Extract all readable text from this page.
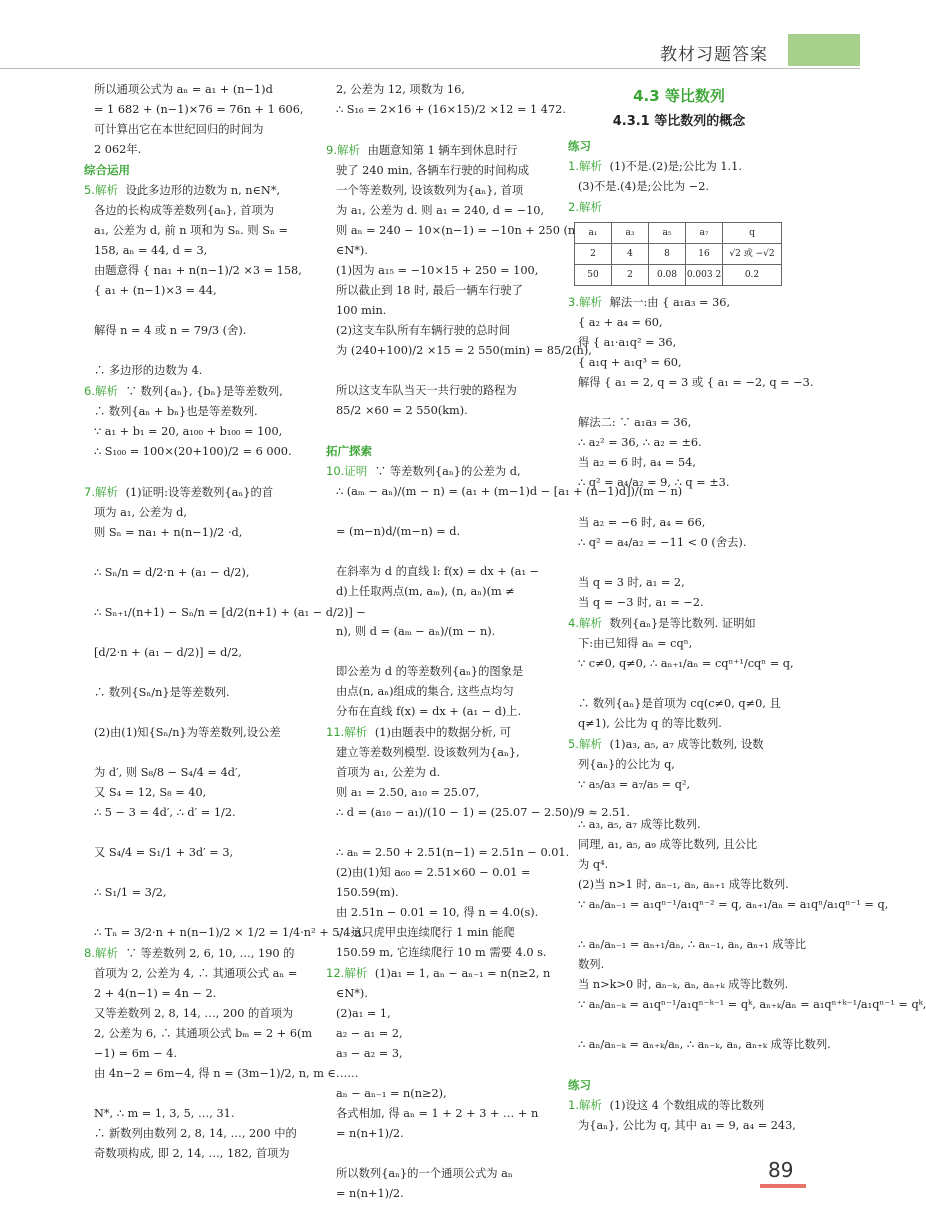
教材习题答案
所以通项公式为 aₙ = a₁ + (n−1)d
= 1 682 + (n−1)×76 = 76n + 1 606,
可计算出它在本世纪回归的时间为
2 062年.
综合运用
5.解析 设此多边形的边数为 n, n∈N*,
各边的长构成等差数列{aₙ}, 首项为
a₁, 公差为 d, 前 n 项和为 Sₙ. 则 Sₙ =
158, aₙ = 44, d = 3,
由题意得 { na₁ + n(n−1)/2 ×3 = 158,
{ a₁ + (n−1)×3 = 44,

解得 n = 4 或 n = 79/3 (舍).

∴ 多边形的边数为 4.
6.解析 ∵ 数列{aₙ}, {bₙ}是等差数列,
∴ 数列{aₙ + bₙ}也是等差数列.
∵ a₁ + b₁ = 20, a₁₀₀ + b₁₀₀ = 100,
∴ S₁₀₀ = 100×(20+100)/2 = 6 000.

7.解析 (1)证明:设等差数列{aₙ}的首
项为 a₁, 公差为 d,
则 Sₙ = na₁ + n(n−1)/2 ·d,

∴ Sₙ/n = d/2·n + (a₁ − d/2),

∴ Sₙ₊₁/(n+1) − Sₙ/n = [d/2(n+1) + (a₁ − d/2)] −

[d/2·n + (a₁ − d/2)] = d/2,

∴ 数列{Sₙ/n}是等差数列.

(2)由(1)知{Sₙ/n}为等差数列,设公差

为 d′, 则 S₈/8 − S₄/4 = 4d′,
又 S₄ = 12, S₈ = 40,
∴ 5 − 3 = 4d′, ∴ d′ = 1/2.

又 S₄/4 = S₁/1 + 3d′ = 3,

∴ S₁/1 = 3/2,

∴ Tₙ = 3/2·n + n(n−1)/2 × 1/2 = 1/4·n² + 5/4·n.
8.解析 ∵ 等差数列 2, 6, 10, …, 190 的
首项为 2, 公差为 4, ∴ 其通项公式 aₙ =
2 + 4(n−1) = 4n − 2.
又等差数列 2, 8, 14, …, 200 的首项为
2, 公差为 6, ∴ 其通项公式 bₘ = 2 + 6(m
−1) = 6m − 4.
由 4n−2 = 6m−4, 得 n = (3m−1)/2, n, m ∈

N*, ∴ m = 1, 3, 5, …, 31.
∴ 新数列由数列 2, 8, 14, …, 200 中的
奇数项构成, 即 2, 14, …, 182, 首项为
2, 公差为 12, 项数为 16,
∴ S₁₆ = 2×16 + (16×15)/2 ×12 = 1 472.

9.解析 由题意知第 1 辆车到休息时行
驶了 240 min, 各辆车行驶的时间构成
一个等差数列, 设该数列为{aₙ}, 首项
为 a₁, 公差为 d. 则 a₁ = 240, d = −10,
则 aₙ = 240 − 10×(n−1) = −10n + 250 (n
∈N*).
(1)因为 a₁₅ = −10×15 + 250 = 100,
所以截止到 18 时, 最后一辆车行驶了
100 min.
(2)这支车队所有车辆行驶的总时间
为 (240+100)/2 ×15 = 2 550(min) = 85/2(h),

所以这支车队当天一共行驶的路程为
85/2 ×60 = 2 550(km).

拓广探索
10.证明 ∵ 等差数列{aₙ}的公差为 d,
∴ (aₘ − aₙ)/(m − n) = (a₁ + (m−1)d − [a₁ + (n−1)d])/(m − n)

= (m−n)d/(m−n) = d.

在斜率为 d 的直线 l: f(x) = dx + (a₁ −
d)上任取两点(m, aₘ), (n, aₙ)(m ≠

n), 则 d = (aₘ − aₙ)/(m − n).

即公差为 d 的等差数列{aₙ}的图象是
由点(n, aₙ)组成的集合, 这些点均匀
分布在直线 f(x) = dx + (a₁ − d)上.
11.解析 (1)由题表中的数据分析, 可
建立等差数列模型. 设该数列为{aₙ},
首项为 a₁, 公差为 d.
则 a₁ = 2.50, a₁₀ = 25.07,
∴ d = (a₁₀ − a₁)/(10 − 1) = (25.07 − 2.50)/9 ≈ 2.51.

∴ aₙ = 2.50 + 2.51(n−1) = 2.51n − 0.01.
(2)由(1)知 a₆₀ = 2.51×60 − 0.01 =
150.59(m).
由 2.51n − 0.01 = 10, 得 n = 4.0(s).
∴ 这只虎甲虫连续爬行 1 min 能爬
150.59 m, 它连续爬行 10 m 需要 4.0 s.
12.解析 (1)a₁ = 1, aₙ − aₙ₋₁ = n(n≥2, n
∈N*).
(2)a₁ = 1,
a₂ − a₁ = 2,
a₃ − a₂ = 3,
……
aₙ − aₙ₋₁ = n(n≥2),
各式相加, 得 aₙ = 1 + 2 + 3 + … + n
= n(n+1)/2.

所以数列{aₙ}的一个通项公式为 aₙ
= n(n+1)/2.
4.3 等比数列
4.3.1 等比数列的概念
练习
1.解析 (1)不是.(2)是;公比为 1.1.
(3)不是.(4)是;公比为 −2.
2.解析
a₁	a₃	a₅	a₇	q
2	4	8	16	√2 或 −√2
50	2	0.08	0.003 2	0.2
3.解析 解法一:由 { a₁a₃ = 36,
{ a₂ + a₄ = 60,
得 { a₁·a₁q² = 36,
{ a₁q + a₁q³ = 60,
解得 { a₁ = 2, q = 3 或 { a₁ = −2, q = −3.

解法二: ∵ a₁a₃ = 36,
∴ a₂² = 36, ∴ a₂ = ±6.
当 a₂ = 6 时, a₄ = 54,
∴ q² = a₄/a₂ = 9, ∴ q = ±3.

当 a₂ = −6 时, a₄ = 66,
∴ q² = a₄/a₂ = −11 < 0 (舍去).

当 q = 3 时, a₁ = 2,
当 q = −3 时, a₁ = −2.
4.解析 数列{aₙ}是等比数列. 证明如
下:由已知得 aₙ = cqⁿ,
∵ c≠0, q≠0, ∴ aₙ₊₁/aₙ = cqⁿ⁺¹/cqⁿ = q,

∴ 数列{aₙ}是首项为 cq(c≠0, q≠0, 且
q≠1), 公比为 q 的等比数列.
5.解析 (1)a₃, a₅, a₇ 成等比数列, 设数
列{aₙ}的公比为 q,
∵ a₅/a₃ = a₇/a₅ = q²,

∴ a₃, a₅, a₇ 成等比数列.
同理, a₁, a₅, a₉ 成等比数列, 且公比
为 q⁴.
(2)当 n>1 时, aₙ₋₁, aₙ, aₙ₊₁ 成等比数列.
∵ aₙ/aₙ₋₁ = a₁qⁿ⁻¹/a₁qⁿ⁻² = q, aₙ₊₁/aₙ = a₁qⁿ/a₁qⁿ⁻¹ = q,

∴ aₙ/aₙ₋₁ = aₙ₊₁/aₙ, ∴ aₙ₋₁, aₙ, aₙ₊₁ 成等比
数列.
当 n>k>0 时, aₙ₋ₖ, aₙ, aₙ₊ₖ 成等比数列.
∵ aₙ/aₙ₋ₖ = a₁qⁿ⁻¹/a₁qⁿ⁻ᵏ⁻¹ = qᵏ, aₙ₊ₖ/aₙ = a₁qⁿ⁺ᵏ⁻¹/a₁qⁿ⁻¹ = qᵏ,

∴ aₙ/aₙ₋ₖ = aₙ₊ₖ/aₙ, ∴ aₙ₋ₖ, aₙ, aₙ₊ₖ 成等比数列.

练习
1.解析 (1)设这 4 个数组成的等比数列
为{aₙ}, 公比为 q, 其中 a₁ = 9, a₄ = 243,
89
